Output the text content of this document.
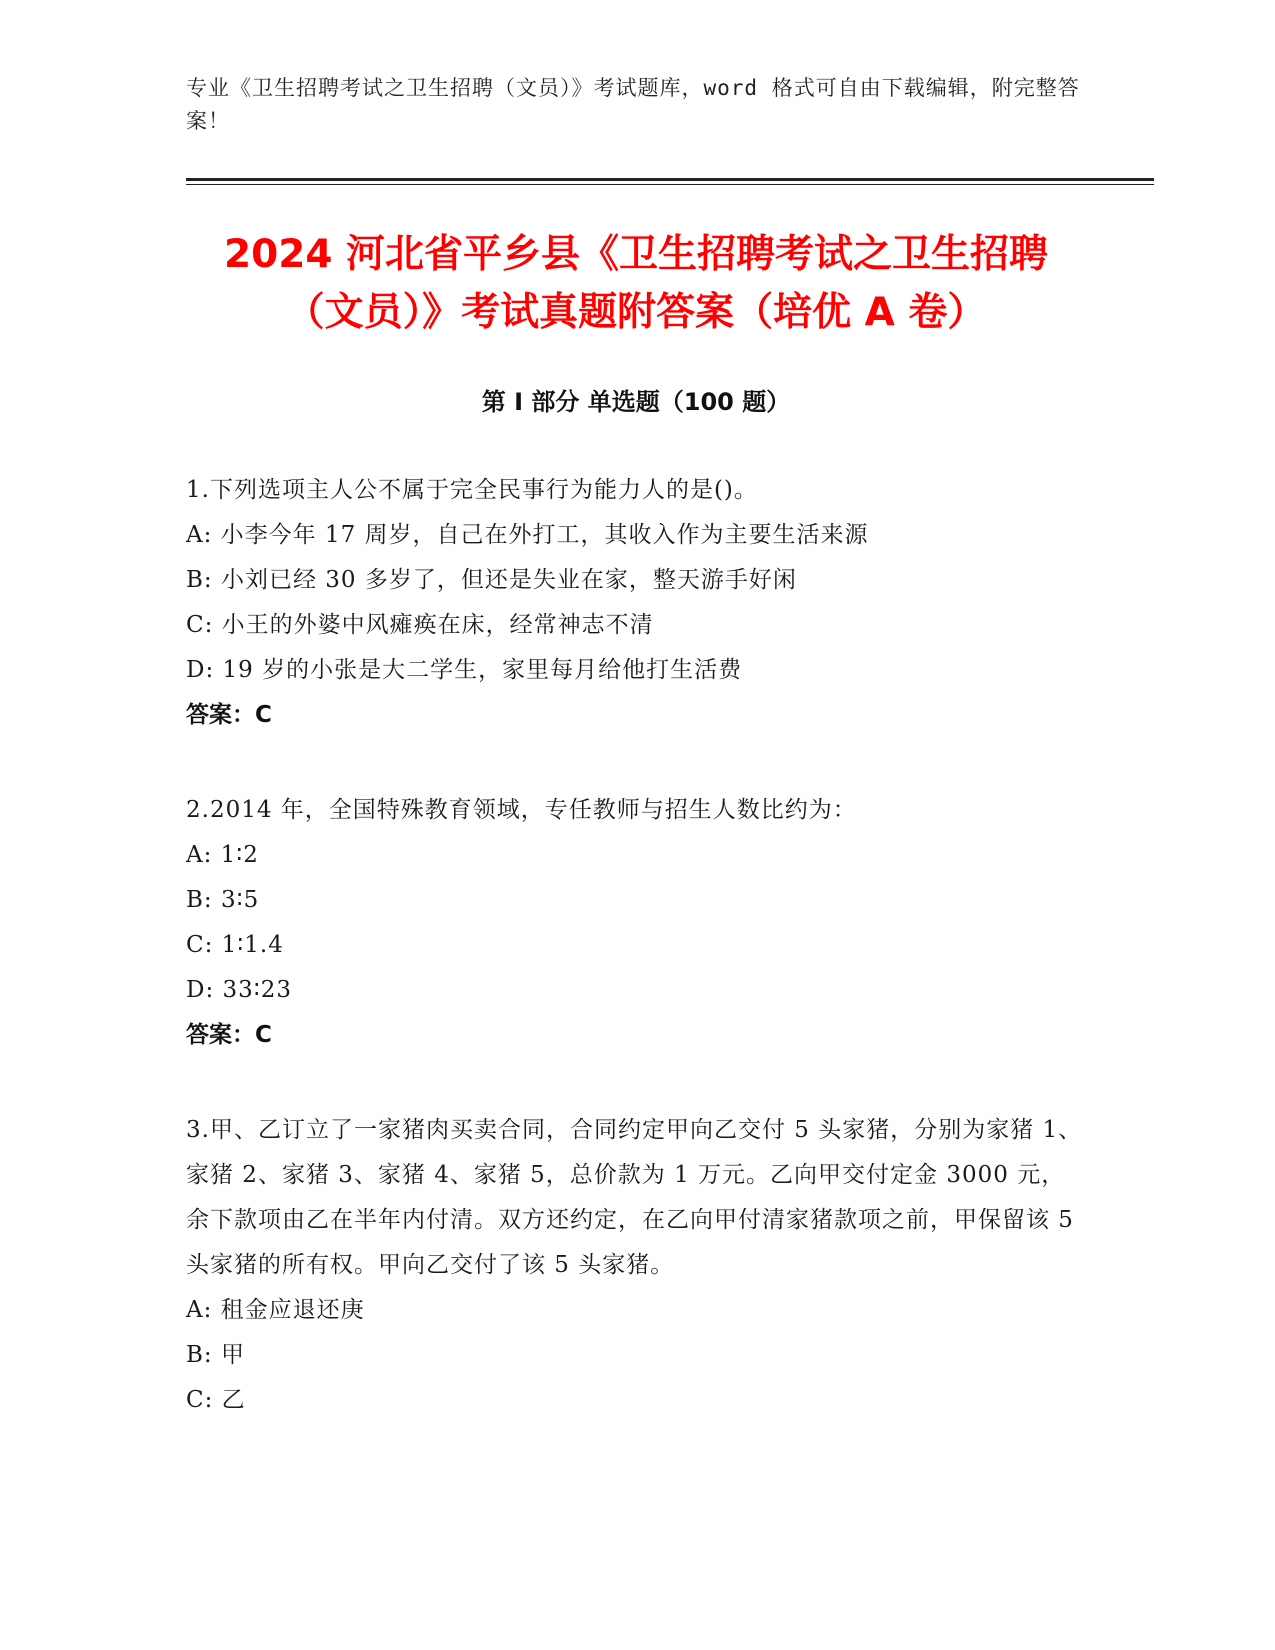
专业《卫生招聘考试之卫生招聘（文员）》考试题库，word 格式可自由下载编辑，附完整答案！
2024 河北省平乡县《卫生招聘考试之卫生招聘（文员）》考试真题附答案（培优 A 卷）
第 I 部分 单选题（100 题）

1.下列选项主人公不属于完全民事行为能力人的是()。

A: 小李今年 17 周岁，自己在外打工，其收入作为主要生活来源

B: 小刘已经 30 多岁了，但还是失业在家，整天游手好闲

C: 小王的外婆中风瘫痪在床，经常神志不清

D: 19 岁的小张是大二学生，家里每月给他打生活费

答案：C

2.2014 年，全国特殊教育领域，专任教师与招生人数比约为：

A: 1∶2

B: 3∶5

C: 1∶1.4

D: 33∶23

答案：C

3.甲、乙订立了一家猪肉买卖合同，合同约定甲向乙交付 5 头家猪，分别为家猪 1、家猪 2、家猪 3、家猪 4、家猪 5，总价款为 1 万元。乙向甲交付定金 3000 元，余下款项由乙在半年内付清。双方还约定，在乙向甲付清家猪款项之前，甲保留该 5 头家猪的所有权。甲向乙交付了该 5 头家猪。

A: 租金应退还庚

B: 甲

C: 乙
